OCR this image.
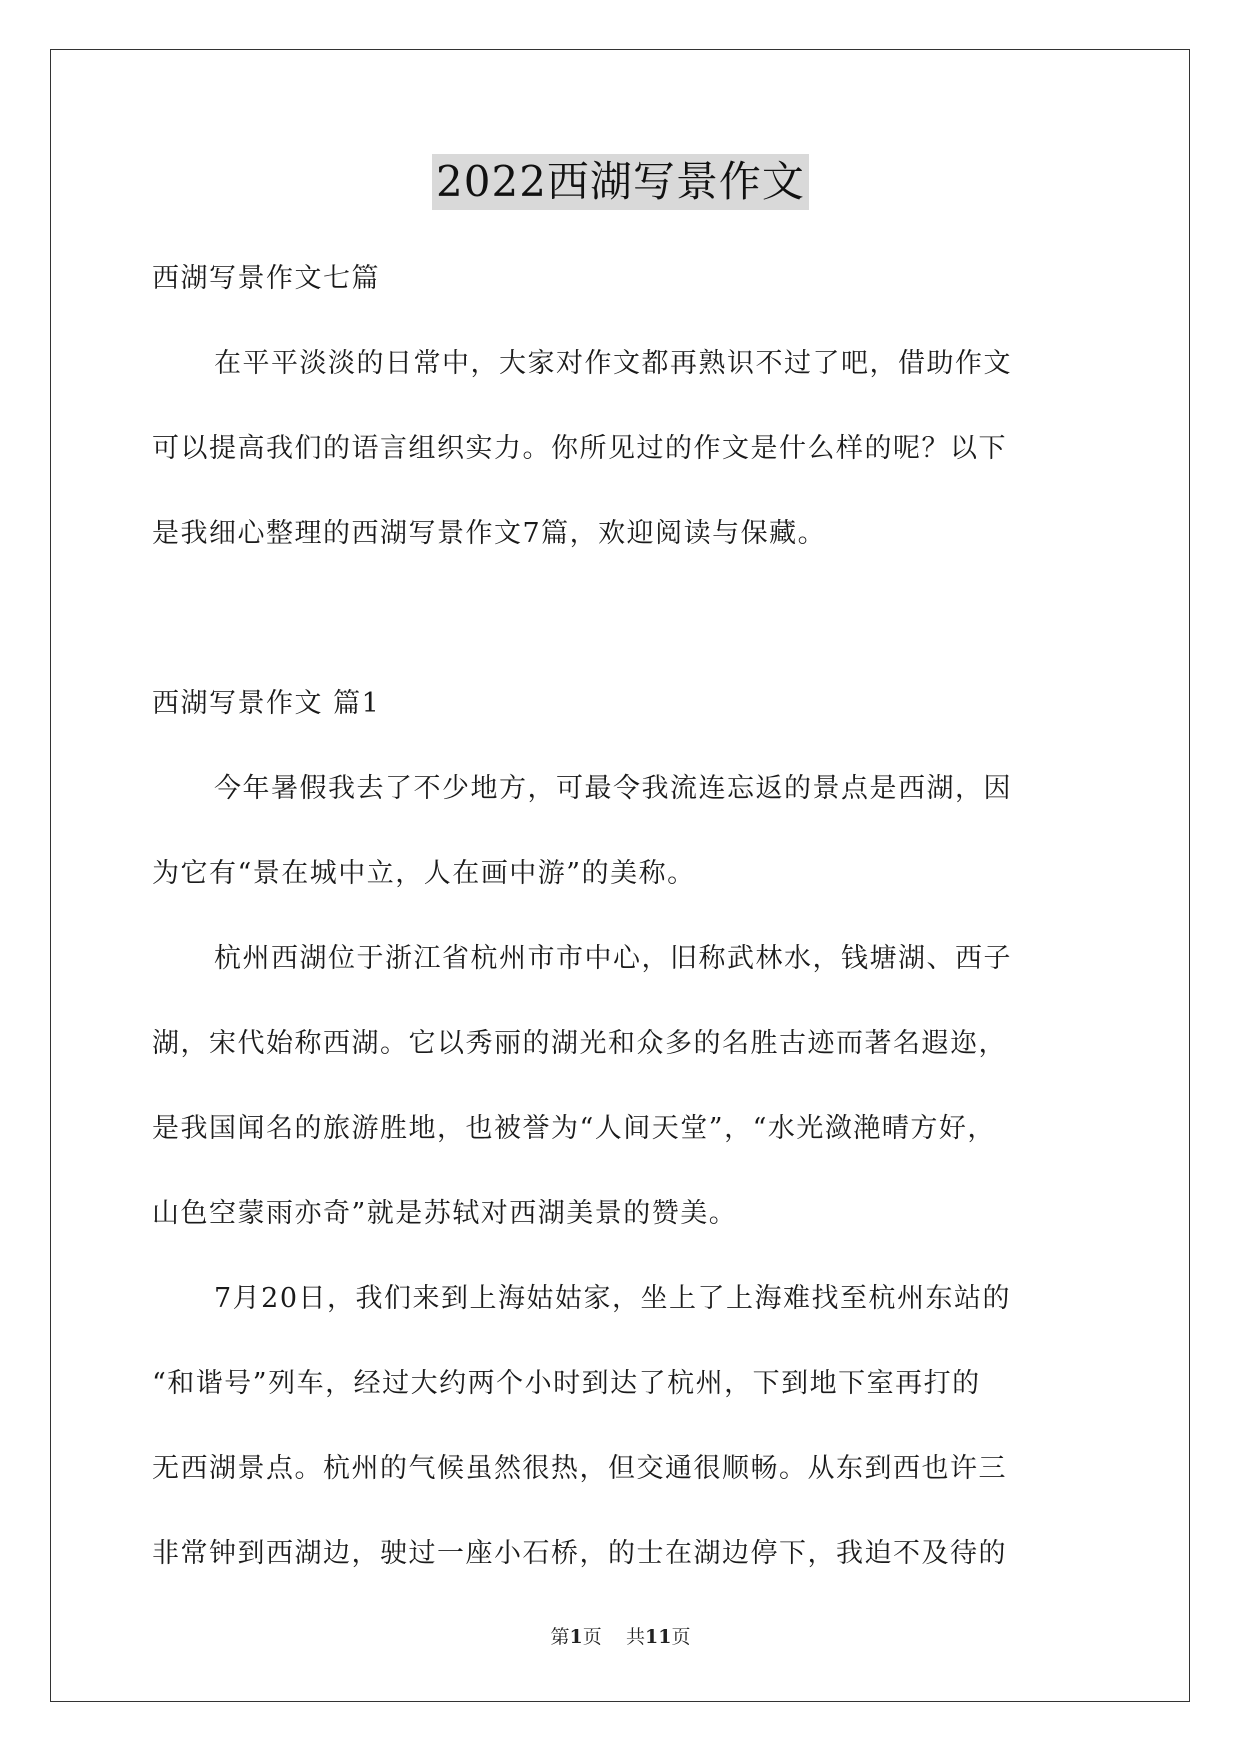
2022西湖写景作文
西湖写景作文七篇
在平平淡淡的日常中，大家对作文都再熟识不过了吧，借助作文
可以提高我们的语言组织实力。你所见过的作文是什么样的呢？以下
是我细心整理的西湖写景作文7篇，欢迎阅读与保藏。
西湖写景作文 篇1
今年暑假我去了不少地方，可最令我流连忘返的景点是西湖，因
为它有“景在城中立，人在画中游”的美称。
杭州西湖位于浙江省杭州市市中心，旧称武林水，钱塘湖、西子
湖，宋代始称西湖。它以秀丽的湖光和众多的名胜古迹而著名遐迩，
是我国闻名的旅游胜地，也被誉为“人间天堂”，“水光潋滟晴方好，
山色空蒙雨亦奇”就是苏轼对西湖美景的赞美。
7月20日，我们来到上海姑姑家，坐上了上海难找至杭州东站的
“和谐号”列车，经过大约两个小时到达了杭州，下到地下室再打的
无西湖景点。杭州的气候虽然很热，但交通很顺畅。从东到西也许三
非常钟到西湖边，驶过一座小石桥，的士在湖边停下，我迫不及待的
第1页 共11页
